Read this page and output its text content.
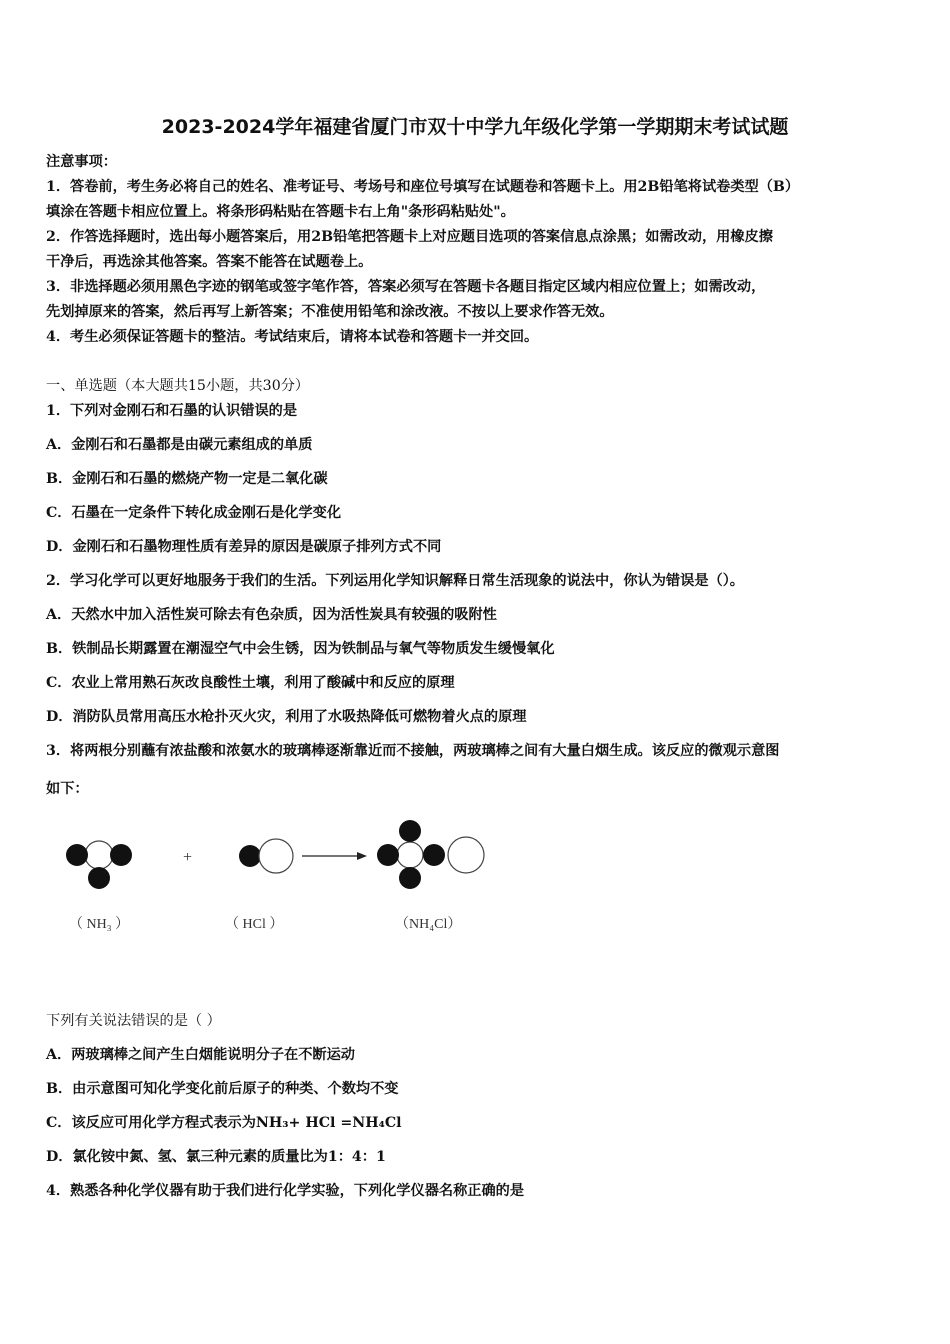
2023-2024学年福建省厦门市双十中学九年级化学第一学期期末考试试题
注意事项：
1．答卷前，考生务必将自己的姓名、准考证号、考场号和座位号填写在试题卷和答题卡上。用2B铅笔将试卷类型（B）
填涂在答题卡相应位置上。将条形码粘贴在答题卡右上角"条形码粘贴处"。
2．作答选择题时，选出每小题答案后，用2B铅笔把答题卡上对应题目选项的答案信息点涂黑；如需改动，用橡皮擦
干净后，再选涂其他答案。答案不能答在试题卷上。
3．非选择题必须用黑色字迹的钢笔或签字笔作答，答案必须写在答题卡各题目指定区域内相应位置上；如需改动，
先划掉原来的答案，然后再写上新答案；不准使用铅笔和涂改液。不按以上要求作答无效。
4．考生必须保证答题卡的整洁。考试结束后，请将本试卷和答题卡一并交回。
一、单选题（本大题共15小题，共30分）
1．下列对金刚石和石墨的认识错误的是
A．金刚石和石墨都是由碳元素组成的单质
B．金刚石和石墨的燃烧产物一定是二氧化碳
C．石墨在一定条件下转化成金刚石是化学变化
D．金刚石和石墨物理性质有差异的原因是碳原子排列方式不同
2．学习化学可以更好地服务于我们的生活。下列运用化学知识解释日常生活现象的说法中，你认为错误是（）。
A．天然水中加入活性炭可除去有色杂质，因为活性炭具有较强的吸附性
B．铁制品长期露置在潮湿空气中会生锈，因为铁制品与氧气等物质发生缓慢氧化
C．农业上常用熟石灰改良酸性土壤，利用了酸碱中和反应的原理
D．消防队员常用高压水枪扑灭火灾，利用了水吸热降低可燃物着火点的原理
3．将两根分别蘸有浓盐酸和浓氨水的玻璃棒逐渐靠近而不接触，两玻璃棒之间有大量白烟生成。该反应的微观示意图
如下：
+
（ NH₃ ）	（ HCl ）	（NH₄Cl）
下列有关说法错误的是（ ）
A．两玻璃棒之间产生白烟能说明分子在不断运动
B．由示意图可知化学变化前后原子的种类、个数均不变
C．该反应可用化学方程式表示为NH₃+ HCl =NH₄Cl
D．氯化铵中氮、氢、氯三种元素的质量比为1：4：1
4．熟悉各种化学仪器有助于我们进行化学实验，下列化学仪器名称正确的是
